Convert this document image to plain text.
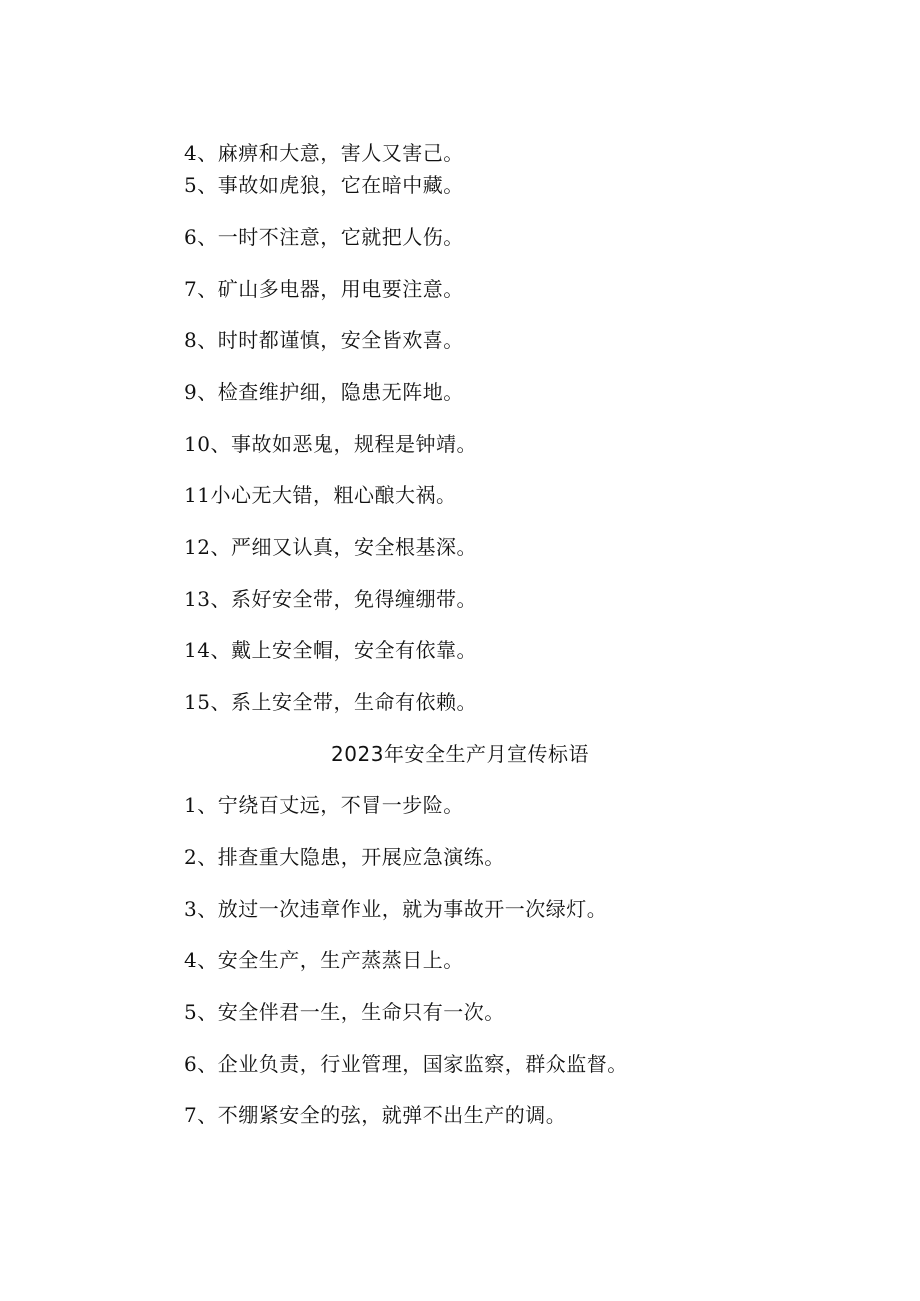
4、麻痹和大意，害人又害己。
5、事故如虎狼，它在暗中藏。
6、一时不注意，它就把人伤。
7、矿山多电器，用电要注意。
8、时时都谨慎，安全皆欢喜。
9、检查维护细，隐患无阵地。
10、事故如恶鬼，规程是钟靖。
11小心无大错，粗心酿大祸。
12、严细又认真，安全根基深。
13、系好安全带，免得缠绷带。
14、戴上安全帽，安全有依靠。
15、系上安全带，生命有依赖。
2023年安全生产月宣传标语
1、宁绕百丈远，不冒一步险。
2、排查重大隐患，开展应急演练。
3、放过一次违章作业，就为事故开一次绿灯。
4、安全生产，生产蒸蒸日上。
5、安全伴君一生，生命只有一次。
6、企业负责，行业管理，国家监察，群众监督。
7、不绷紧安全的弦，就弹不出生产的调。
